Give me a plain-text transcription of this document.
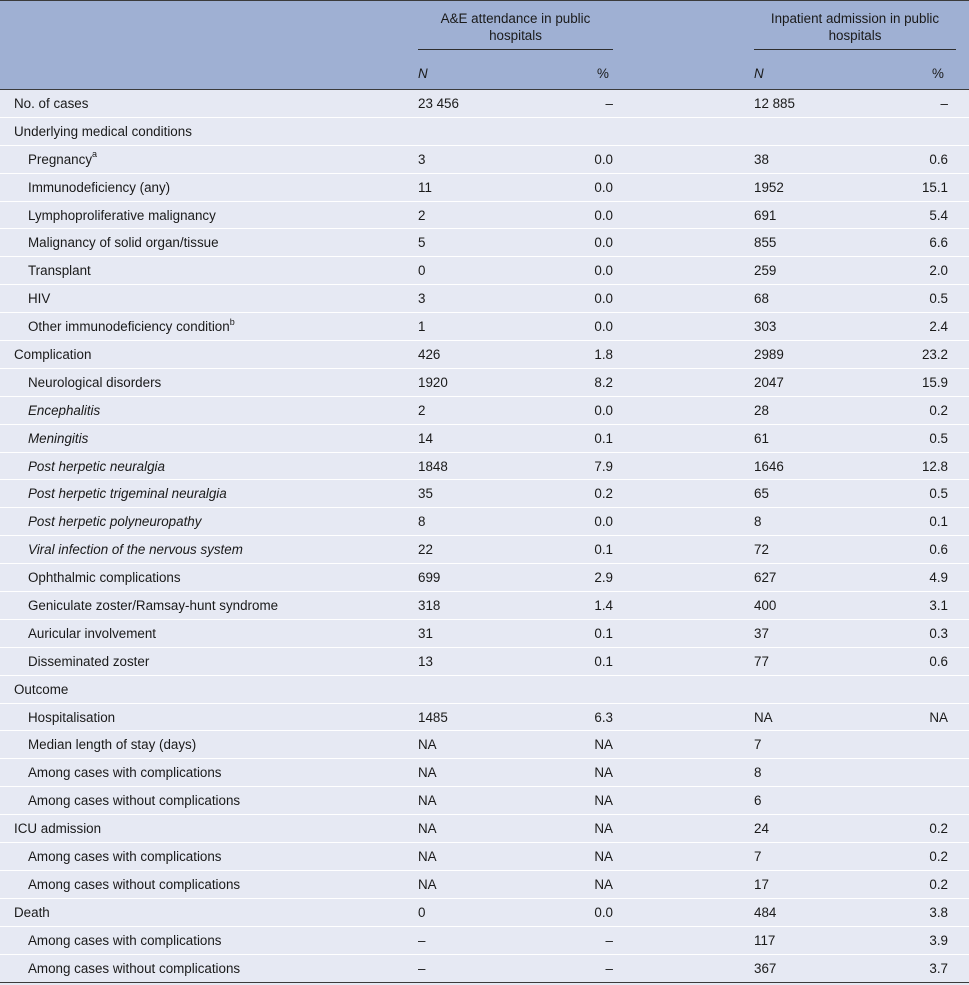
A&E attendance in public hospitals
Inpatient admission in public hospitals
N	%	N	%
No. of cases	23 456	–	12 885	–
Underlying medical conditions
Pregnancy$^a$	3	0.0	38	0.6
Immunodeficiency (any)	11	0.0	1952	15.1
Lymphoproliferative malignancy	2	0.0	691	5.4
Malignancy of solid organ/tissue	5	0.0	855	6.6
Transplant	0	0.0	259	2.0
HIV	3	0.0	68	0.5
Other immunodeficiency condition$^b$	1	0.0	303	2.4
Complication	426	1.8	2989	23.2
Neurological disorders	1920	8.2	2047	15.9
Encephalitis	2	0.0	28	0.2
Meningitis	14	0.1	61	0.5
Post herpetic neuralgia	1848	7.9	1646	12.8
Post herpetic trigeminal neuralgia	35	0.2	65	0.5
Post herpetic polyneuropathy	8	0.0	8	0.1
Viral infection of the nervous system	22	0.1	72	0.6
Ophthalmic complications	699	2.9	627	4.9
Geniculate zoster/Ramsay-hunt syndrome	318	1.4	400	3.1
Auricular involvement	31	0.1	37	0.3
Disseminated zoster	13	0.1	77	0.6
Outcome
Hospitalisation	1485	6.3	NA	NA
Median length of stay (days)	NA	NA	7
Among cases with complications	NA	NA	8
Among cases without complications	NA	NA	6
ICU admission	NA	NA	24	0.2
Among cases with complications	NA	NA	7	0.2
Among cases without complications	NA	NA	17	0.2
Death	0	0.0	484	3.8
Among cases with complications	–	–	117	3.9
Among cases without complications	–	–	367	3.7
